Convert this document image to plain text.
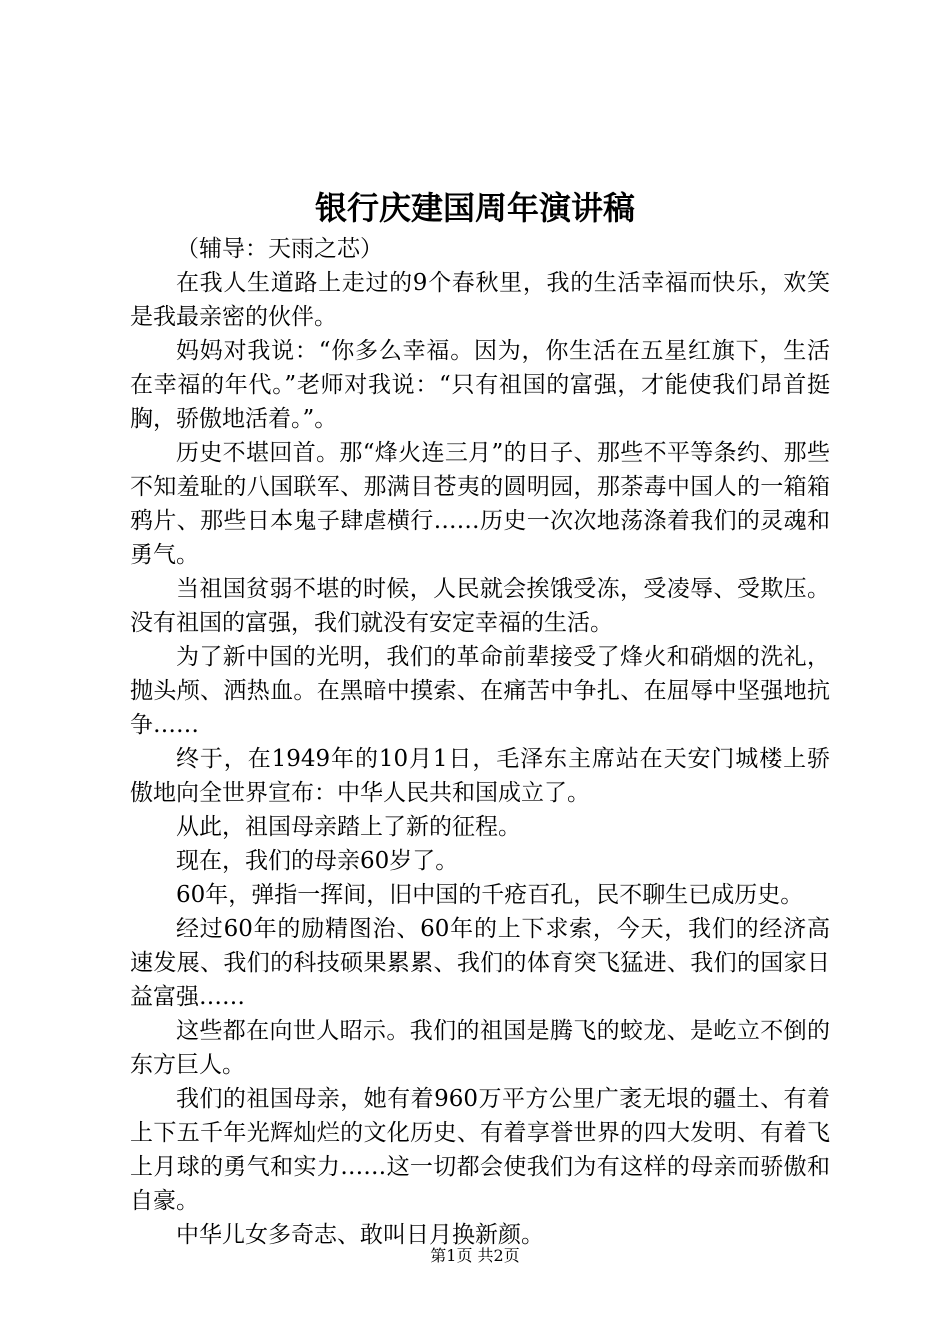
银行庆建国周年演讲稿

（辅导：天雨之芯）

在我人生道路上走过的9个春秋里，我的生活幸福而快乐，欢笑是我最亲密的伙伴。

妈妈对我说：“你多么幸福。因为，你生活在五星红旗下，生活在幸福的年代。”老师对我说：“只有祖国的富强，才能使我们昂首挺胸，骄傲地活着。”。

历史不堪回首。那“烽火连三月”的日子、那些不平等条约、那些不知羞耻的八国联军、那满目苍夷的圆明园，那荼毒中国人的一箱箱鸦片、那些日本鬼子肆虐横行……历史一次次地荡涤着我们的灵魂和勇气。

当祖国贫弱不堪的时候，人民就会挨饿受冻，受凌辱、受欺压。没有祖国的富强，我们就没有安定幸福的生活。

为了新中国的光明，我们的革命前辈接受了烽火和硝烟的洗礼，抛头颅、洒热血。在黑暗中摸索、在痛苦中争扎、在屈辱中坚强地抗争……

终于，在1949年的10月1日，毛泽东主席站在天安门城楼上骄傲地向全世界宣布：中华人民共和国成立了。

从此，祖国母亲踏上了新的征程。

现在，我们的母亲60岁了。

60年，弹指一挥间，旧中国的千疮百孔，民不聊生已成历史。

经过60年的励精图治、60年的上下求索，今天，我们的经济高速发展、我们的科技硕果累累、我们的体育突飞猛进、我们的国家日益富强……

这些都在向世人昭示。我们的祖国是腾飞的蛟龙、是屹立不倒的东方巨人。

我们的祖国母亲，她有着960万平方公里广袤无垠的疆土、有着上下五千年光辉灿烂的文化历史、有着享誉世界的四大发明、有着飞上月球的勇气和实力……这一切都会使我们为有这样的母亲而骄傲和自豪。

中华儿女多奇志、敢叫日月换新颜。

第1页 共2页
